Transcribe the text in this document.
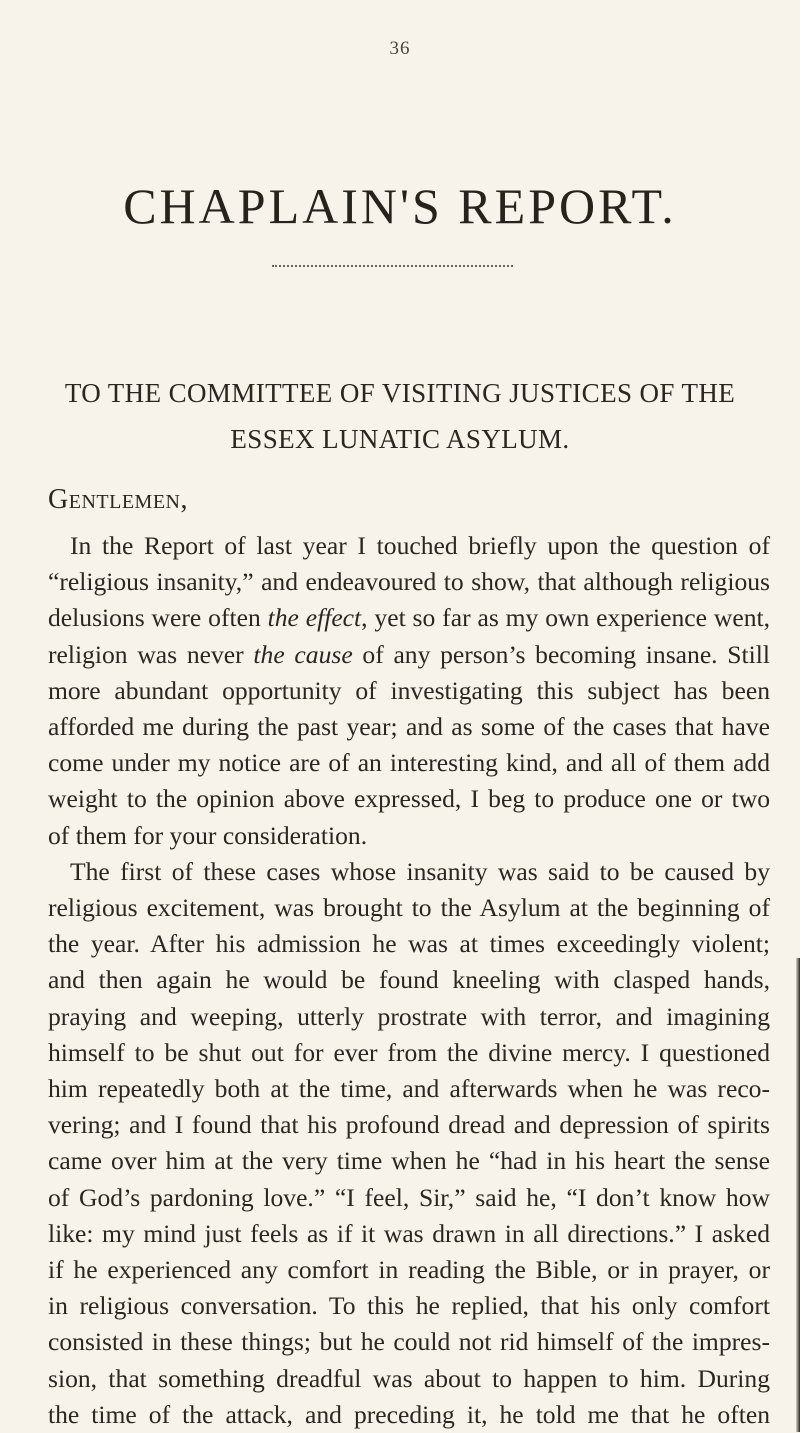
36
CHAPLAIN'S REPORT.
TO THE COMMITTEE OF VISITING JUSTICES OF THE
ESSEX LUNATIC ASYLUM.
Gentlemen,
In the Report of last year I touched briefly upon the question of
“religious insanity,” and endeavoured to show, that although religious
delusions were often the effect, yet so far as my own experience went,
religion was never the cause of any person’s becoming insane. Still
more abundant opportunity of investigating this subject has been
afforded me during the past year; and as some of the cases that have
come under my notice are of an interesting kind, and all of them add
weight to the opinion above expressed, I beg to produce one or two
of them for your consideration.
The first of these cases whose insanity was said to be caused by
religious excitement, was brought to the Asylum at the beginning of
the year. After his admission he was at times exceedingly violent;
and then again he would be found kneeling with clasped hands,
praying and weeping, utterly prostrate with terror, and imagining
himself to be shut out for ever from the divine mercy. I questioned
him repeatedly both at the time, and afterwards when he was reco-
vering; and I found that his profound dread and depression of spirits
came over him at the very time when he “had in his heart the sense
of God’s pardoning love.” “I feel, Sir,” said he, “I don’t know how
like: my mind just feels as if it was drawn in all directions.” I asked
if he experienced any comfort in reading the Bible, or in prayer, or
in religious conversation. To this he replied, that his only comfort
consisted in these things; but he could not rid himself of the impres-
sion, that something dreadful was about to happen to him. During
the time of the attack, and preceding it, he told me that he often
